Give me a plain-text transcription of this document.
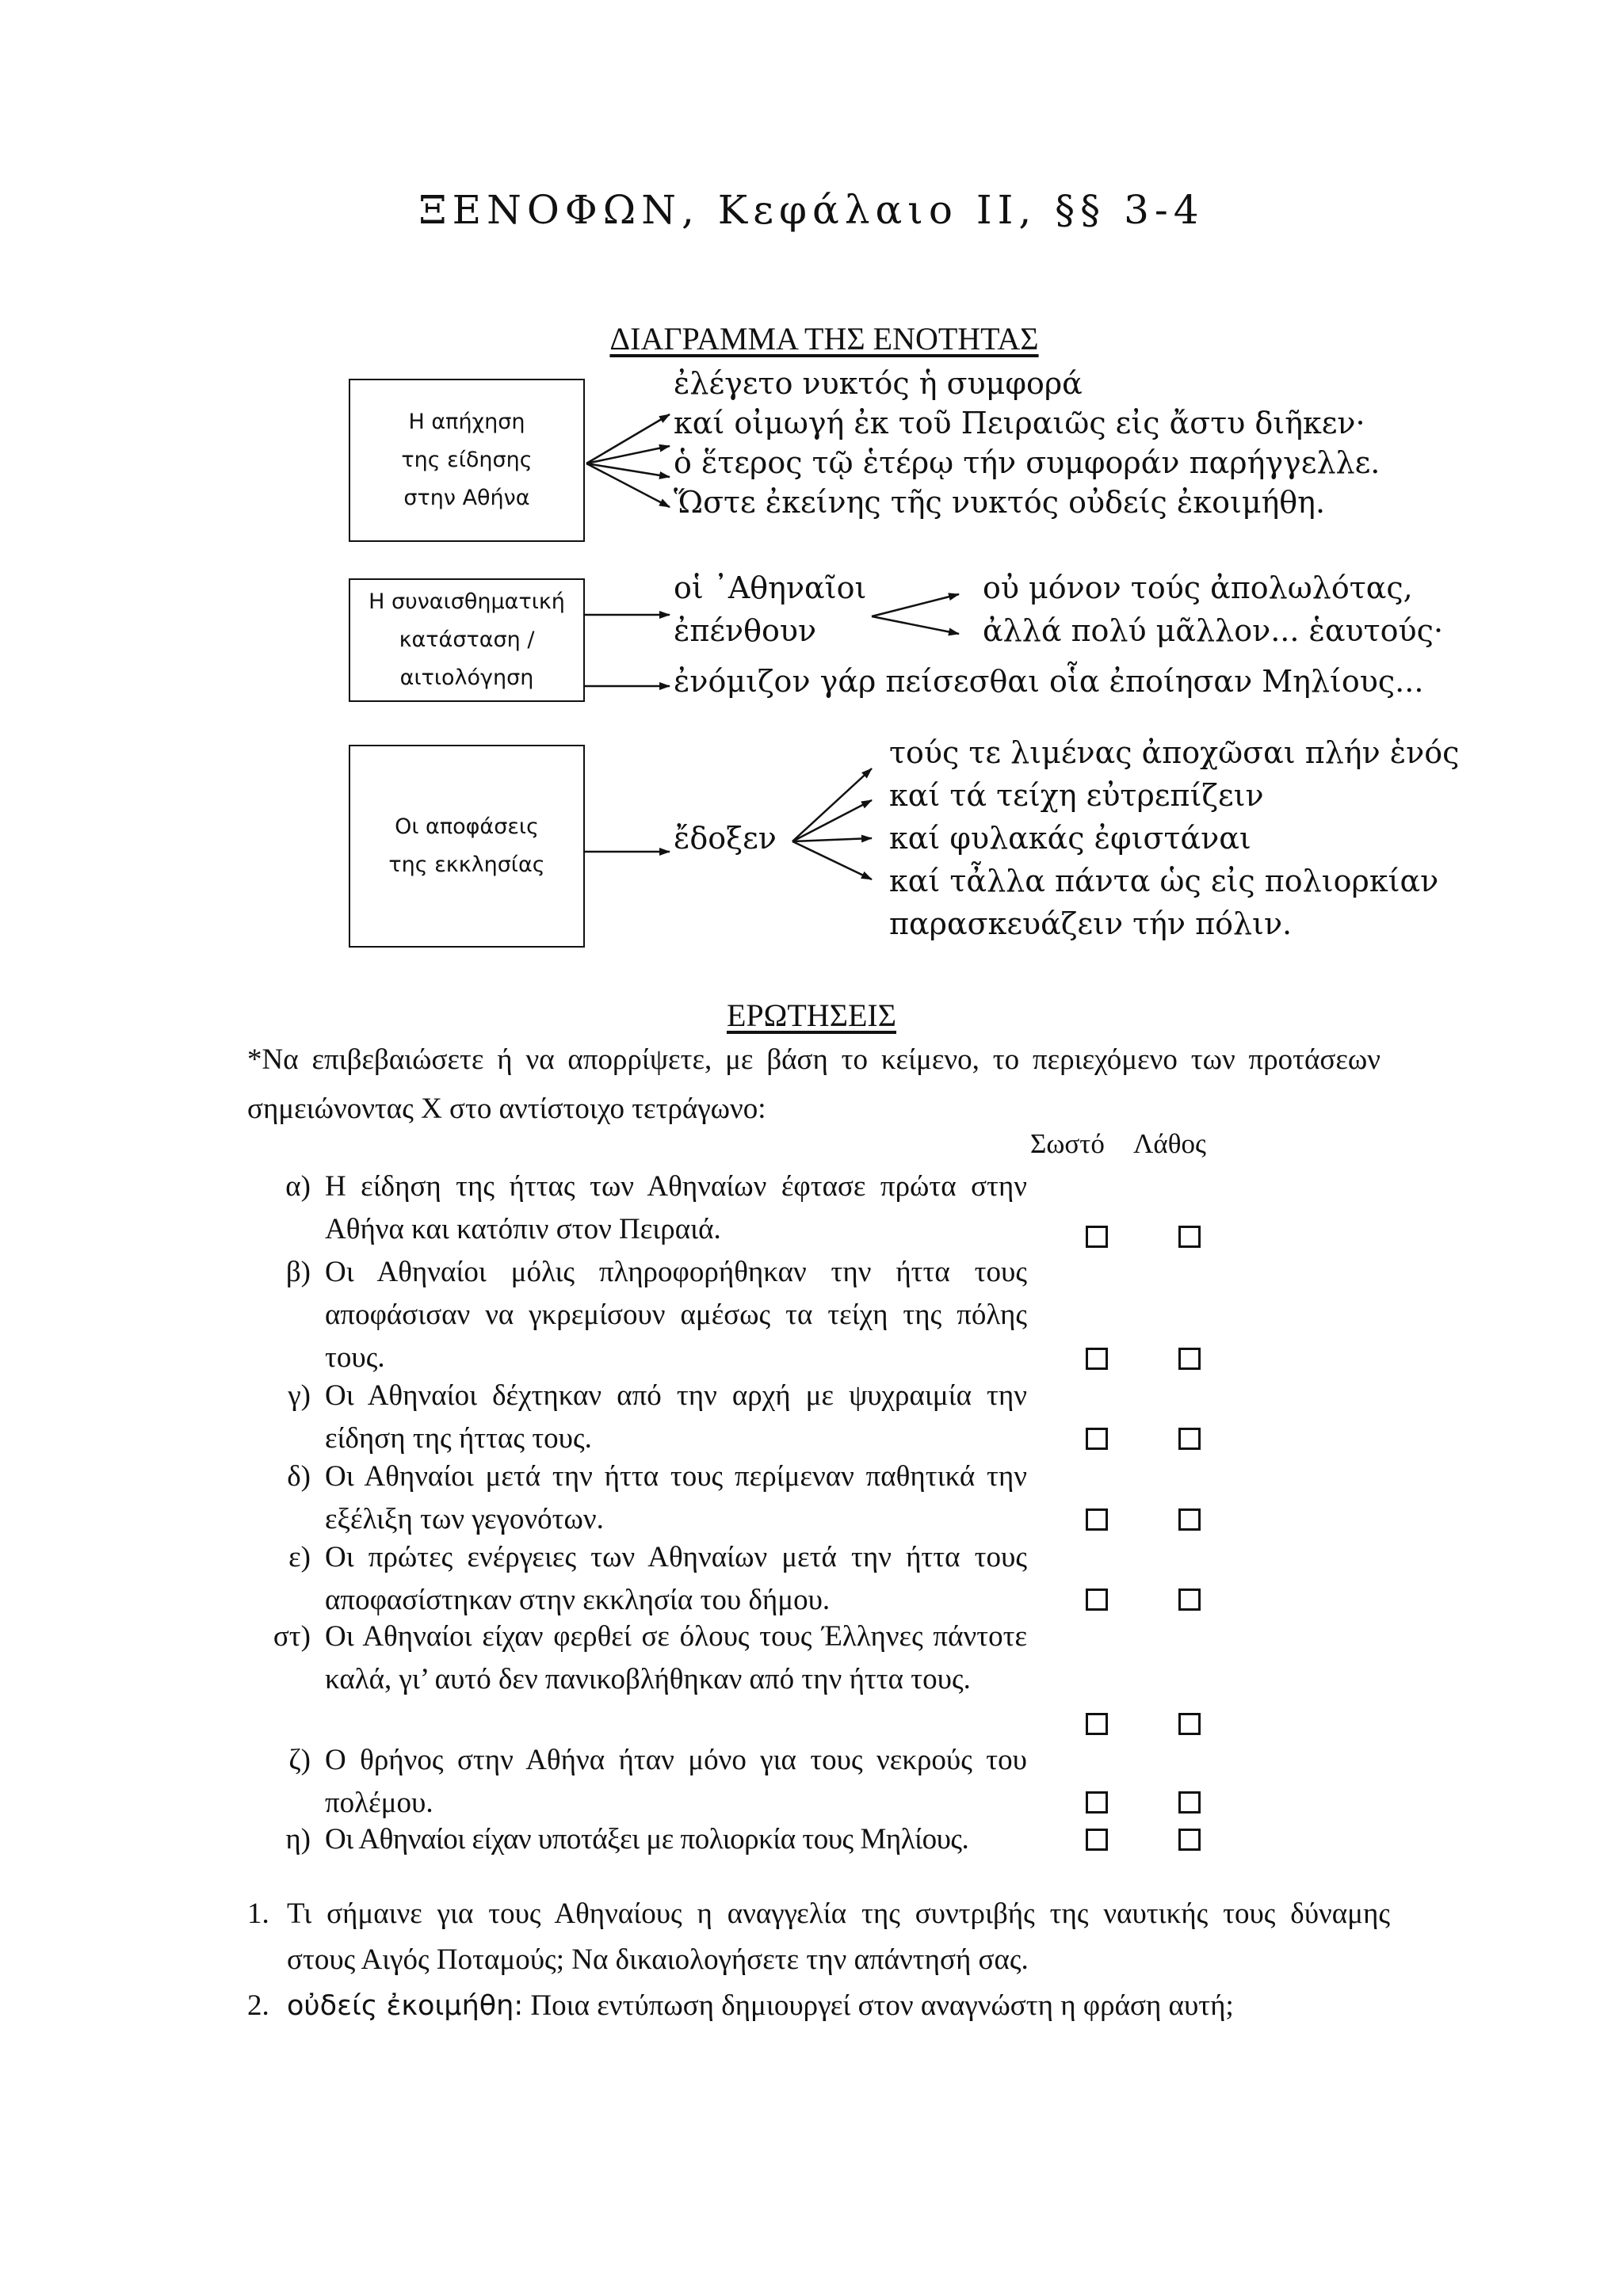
ΞΕΝΟΦΩΝ, Κεφάλαιο ΙΙ, §§ 3-4
ΔΙΑΓΡΑΜΜΑ ΤΗΣ ΕΝΟΤΗΤΑΣ
Η απήχηση
της είδησης
στην Αθήνα
Η συναισθηματική
κατάσταση /
αιτιολόγηση
Οι αποφάσεις
της εκκλησίας
ἐλέγετο νυκτός ἡ συμφορά
καί οἰμωγή ἐκ τοῦ Πειραιῶς εἰς ἄστυ διῆκεν·
ὁ ἕτερος τῷ ἑτέρῳ τήν συμφοράν παρήγγελλε.
Ὥστε ἐκείνης τῆς νυκτός οὐδείς ἐκοιμήθη.
οἱ ᾿Αθηναῖοι
ἐπένθουν
οὐ μόνον τούς ἀπολωλότας,
ἀλλά πολύ μᾶλλον... ἑαυτούς·
ἐνόμιζον γάρ πείσεσθαι οἷα ἐποίησαν Μηλίους...
ἔδοξεν
τούς τε λιμένας ἀποχῶσαι πλήν ἑνός
καί τά τείχη εὐτρεπίζειν
καί φυλακάς ἐφιστάναι
καί τἆλλα πάντα ὡς εἰς πολιορκίαν
παρασκευάζειν τήν πόλιν.
ΕΡΩΤΗΣΕΙΣ
*Να επιβεβαιώσετε ή να απορρίψετε, με βάση το κείμενο, το περιεχόμενο των προτάσεων
σημειώνοντας Χ στο αντίστοιχο τετράγωνο:
Σωστό Λάθος
α) Η είδηση της ήττας των Αθηναίων έφτασε πρώτα στην
Αθήνα και κατόπιν στον Πειραιά.
β) Οι Αθηναίοι μόλις πληροφορήθηκαν την ήττα τους
αποφάσισαν να γκρεμίσουν αμέσως τα τείχη της πόλης
τους.
γ) Οι Αθηναίοι δέχτηκαν από την αρχή με ψυχραιμία την
είδηση της ήττας τους.
δ) Οι Αθηναίοι μετά την ήττα τους περίμεναν παθητικά την
εξέλιξη των γεγονότων.
ε) Οι πρώτες ενέργειες των Αθηναίων μετά την ήττα τους
αποφασίστηκαν στην εκκλησία του δήμου.
στ) Οι Αθηναίοι είχαν φερθεί σε όλους τους Έλληνες πάντοτε
καλά, γι’ αυτό δεν πανικοβλήθηκαν από την ήττα τους.
ζ) Ο θρήνος στην Αθήνα ήταν μόνο για τους νεκρούς του
πολέμου.
η) Οι Αθηναίοι είχαν υποτάξει με πολιορκία τους Μηλίους.
1. Τι σήμαινε για τους Αθηναίους η αναγγελία της συντριβής της ναυτικής τους δύναμης
στους Αιγός Ποταμούς; Να δικαιολογήσετε την απάντησή σας.
2. οὐδείς ἐκοιμήθη: Ποια εντύπωση δημιουργεί στον αναγνώστη η φράση αυτή;
